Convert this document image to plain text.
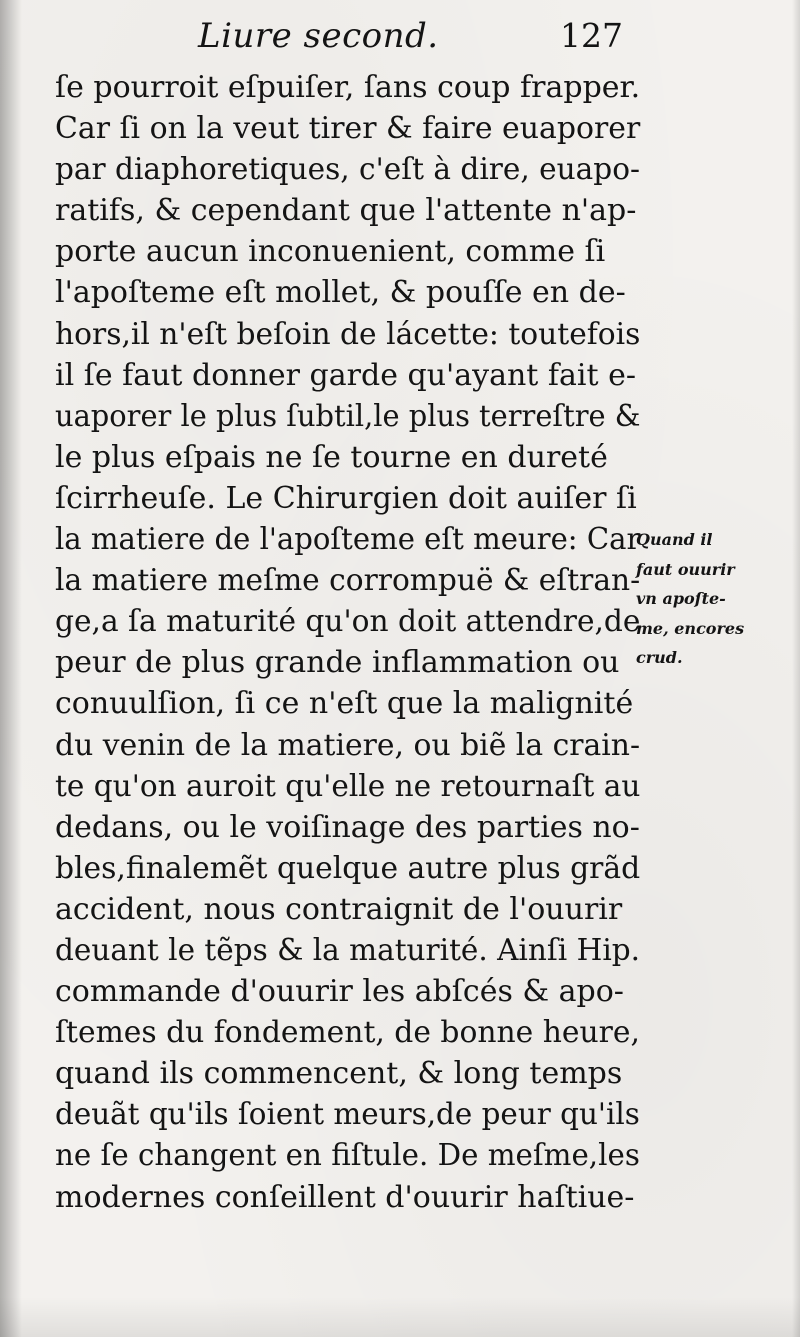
Liure second.	127
ſe pourroit eſpuiſer, ſans coup frapper.
Car ſi on la veut tirer & faire euaporer
par diaphoretiques, c'eſt à dire, euapo-
ratifs, & cependant que l'attente n'ap-
porte aucun inconuenient, comme ſi
l'apoſteme eſt mollet, & pouſſe en de-
hors,il n'eſt beſoin de lácette: toutefois
il ſe faut donner garde qu'ayant fait e-
uaporer le plus ſubtil,le plus terreſtre &
le plus eſpais ne ſe tourne en dureté
ſcirrheuſe. Le Chirurgien doit auiſer ſi
la matiere de l'apoſteme eſt meure: Car
la matiere meſme corrompuë & eſtran-
ge,a ſa maturité qu'on doit attendre,de
peur de plus grande inflammation ou
conuulſion, ſi ce n'eſt que la malignité
du venin de la matiere, ou biẽ la crain-
te qu'on auroit qu'elle ne retournaſt au
dedans, ou le voiſinage des parties no-
bles,finalemẽt quelque autre plus grãd
accident, nous contraignit de l'ouurir
deuant le tẽps & la maturité. Ainſi Hip.
commande d'ouurir les abſcés & apo-
ſtemes du fondement, de bonne heure,
quand ils commencent, & long temps
deuãt qu'ils ſoient meurs,de peur qu'ils
ne ſe changent en fiſtule. De meſme,les
modernes conſeillent d'ouurir haſtiue-
Quand il
faut ouurir
vn apoſte-
me, encores
crud.
